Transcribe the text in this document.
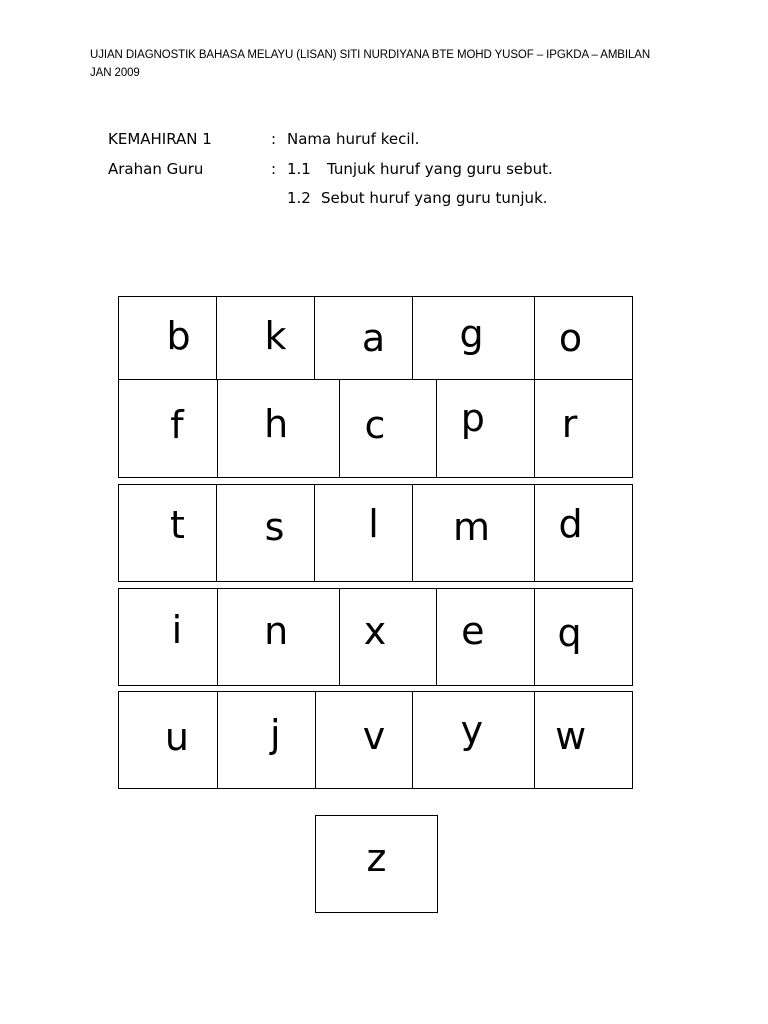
UJIAN DIAGNOSTIK BAHASA MELAYU (LISAN) SITI NURDIYANA BTE MOHD YUSOF – IPGKDA – AMBILAN
JAN 2009
KEMAHIRAN 1	: Nama huruf kecil.
Arahan Guru	: 1.1 Tunjuk huruf yang guru sebut.
1.2 Sebut huruf yang guru tunjuk.
b k a g o
f h c p r
t s l m d
i n x e q
u j v y w
z
